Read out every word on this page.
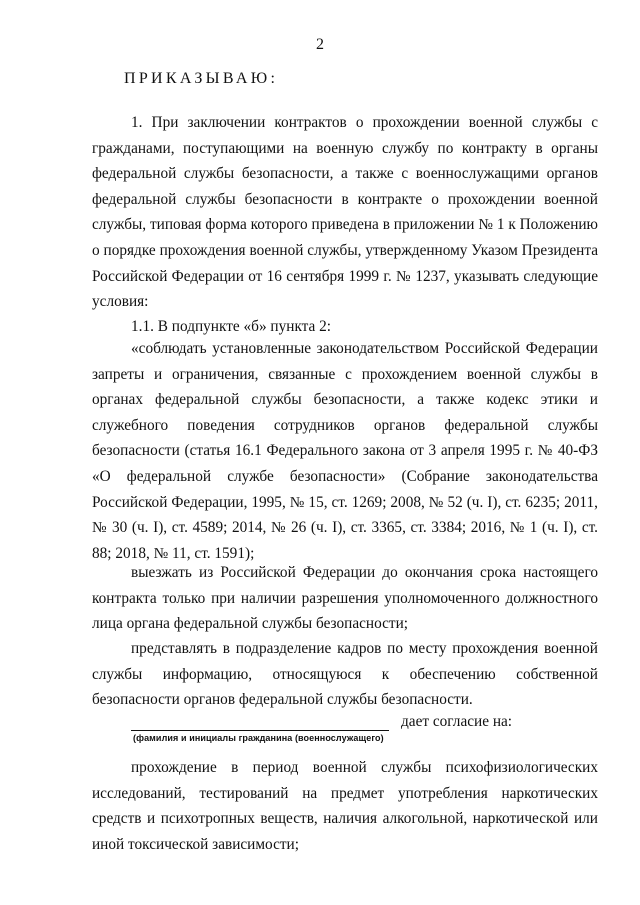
2
ПРИКАЗЫВАЮ:

1. При заключении контрактов о прохождении военной службы с гражданами, поступающими на военную службу по контракту в органы федеральной службы безопасности, а также с военнослужащими органов федеральной службы безопасности в контракте о прохождении военной службы, типовая форма которого приведена в приложении № 1 к Положению о порядке прохождения военной службы, утвержденному Указом Президента Российской Федерации от 16 сентября 1999 г. № 1237, указывать следующие условия:

1.1. В подпункте «б» пункта 2:

«соблюдать установленные законодательством Российской Федерации запреты и ограничения, связанные с прохождением военной службы в органах федеральной службы безопасности, а также кодекс этики и служебного поведения сотрудников органов федеральной службы безопасности (статья 16.1 Федерального закона от 3 апреля 1995 г. № 40-ФЗ «О федеральной службе безопасности» (Собрание законодательства Российской Федерации, 1995, № 15, ст. 1269; 2008, № 52 (ч. I), ст. 6235; 2011, № 30 (ч. I), ст. 4589; 2014, № 26 (ч. I), ст. 3365, ст. 3384; 2016, № 1 (ч. I), ст. 88; 2018, № 11, ст. 1591);

выезжать из Российской Федерации до окончания срока настоящего контракта только при наличии разрешения уполномоченного должностного лица органа федеральной службы безопасности;

представлять в подразделение кадров по месту прохождения военной службы информацию, относящуюся к обеспечению собственной безопасности органов федеральной службы безопасности.

дает согласие на:
(фамилия и инициалы гражданина (военнослужащего)

прохождение в период военной службы психофизиологических исследований, тестирований на предмет употребления наркотических средств и психотропных веществ, наличия алкогольной, наркотической или иной токсической зависимости;
